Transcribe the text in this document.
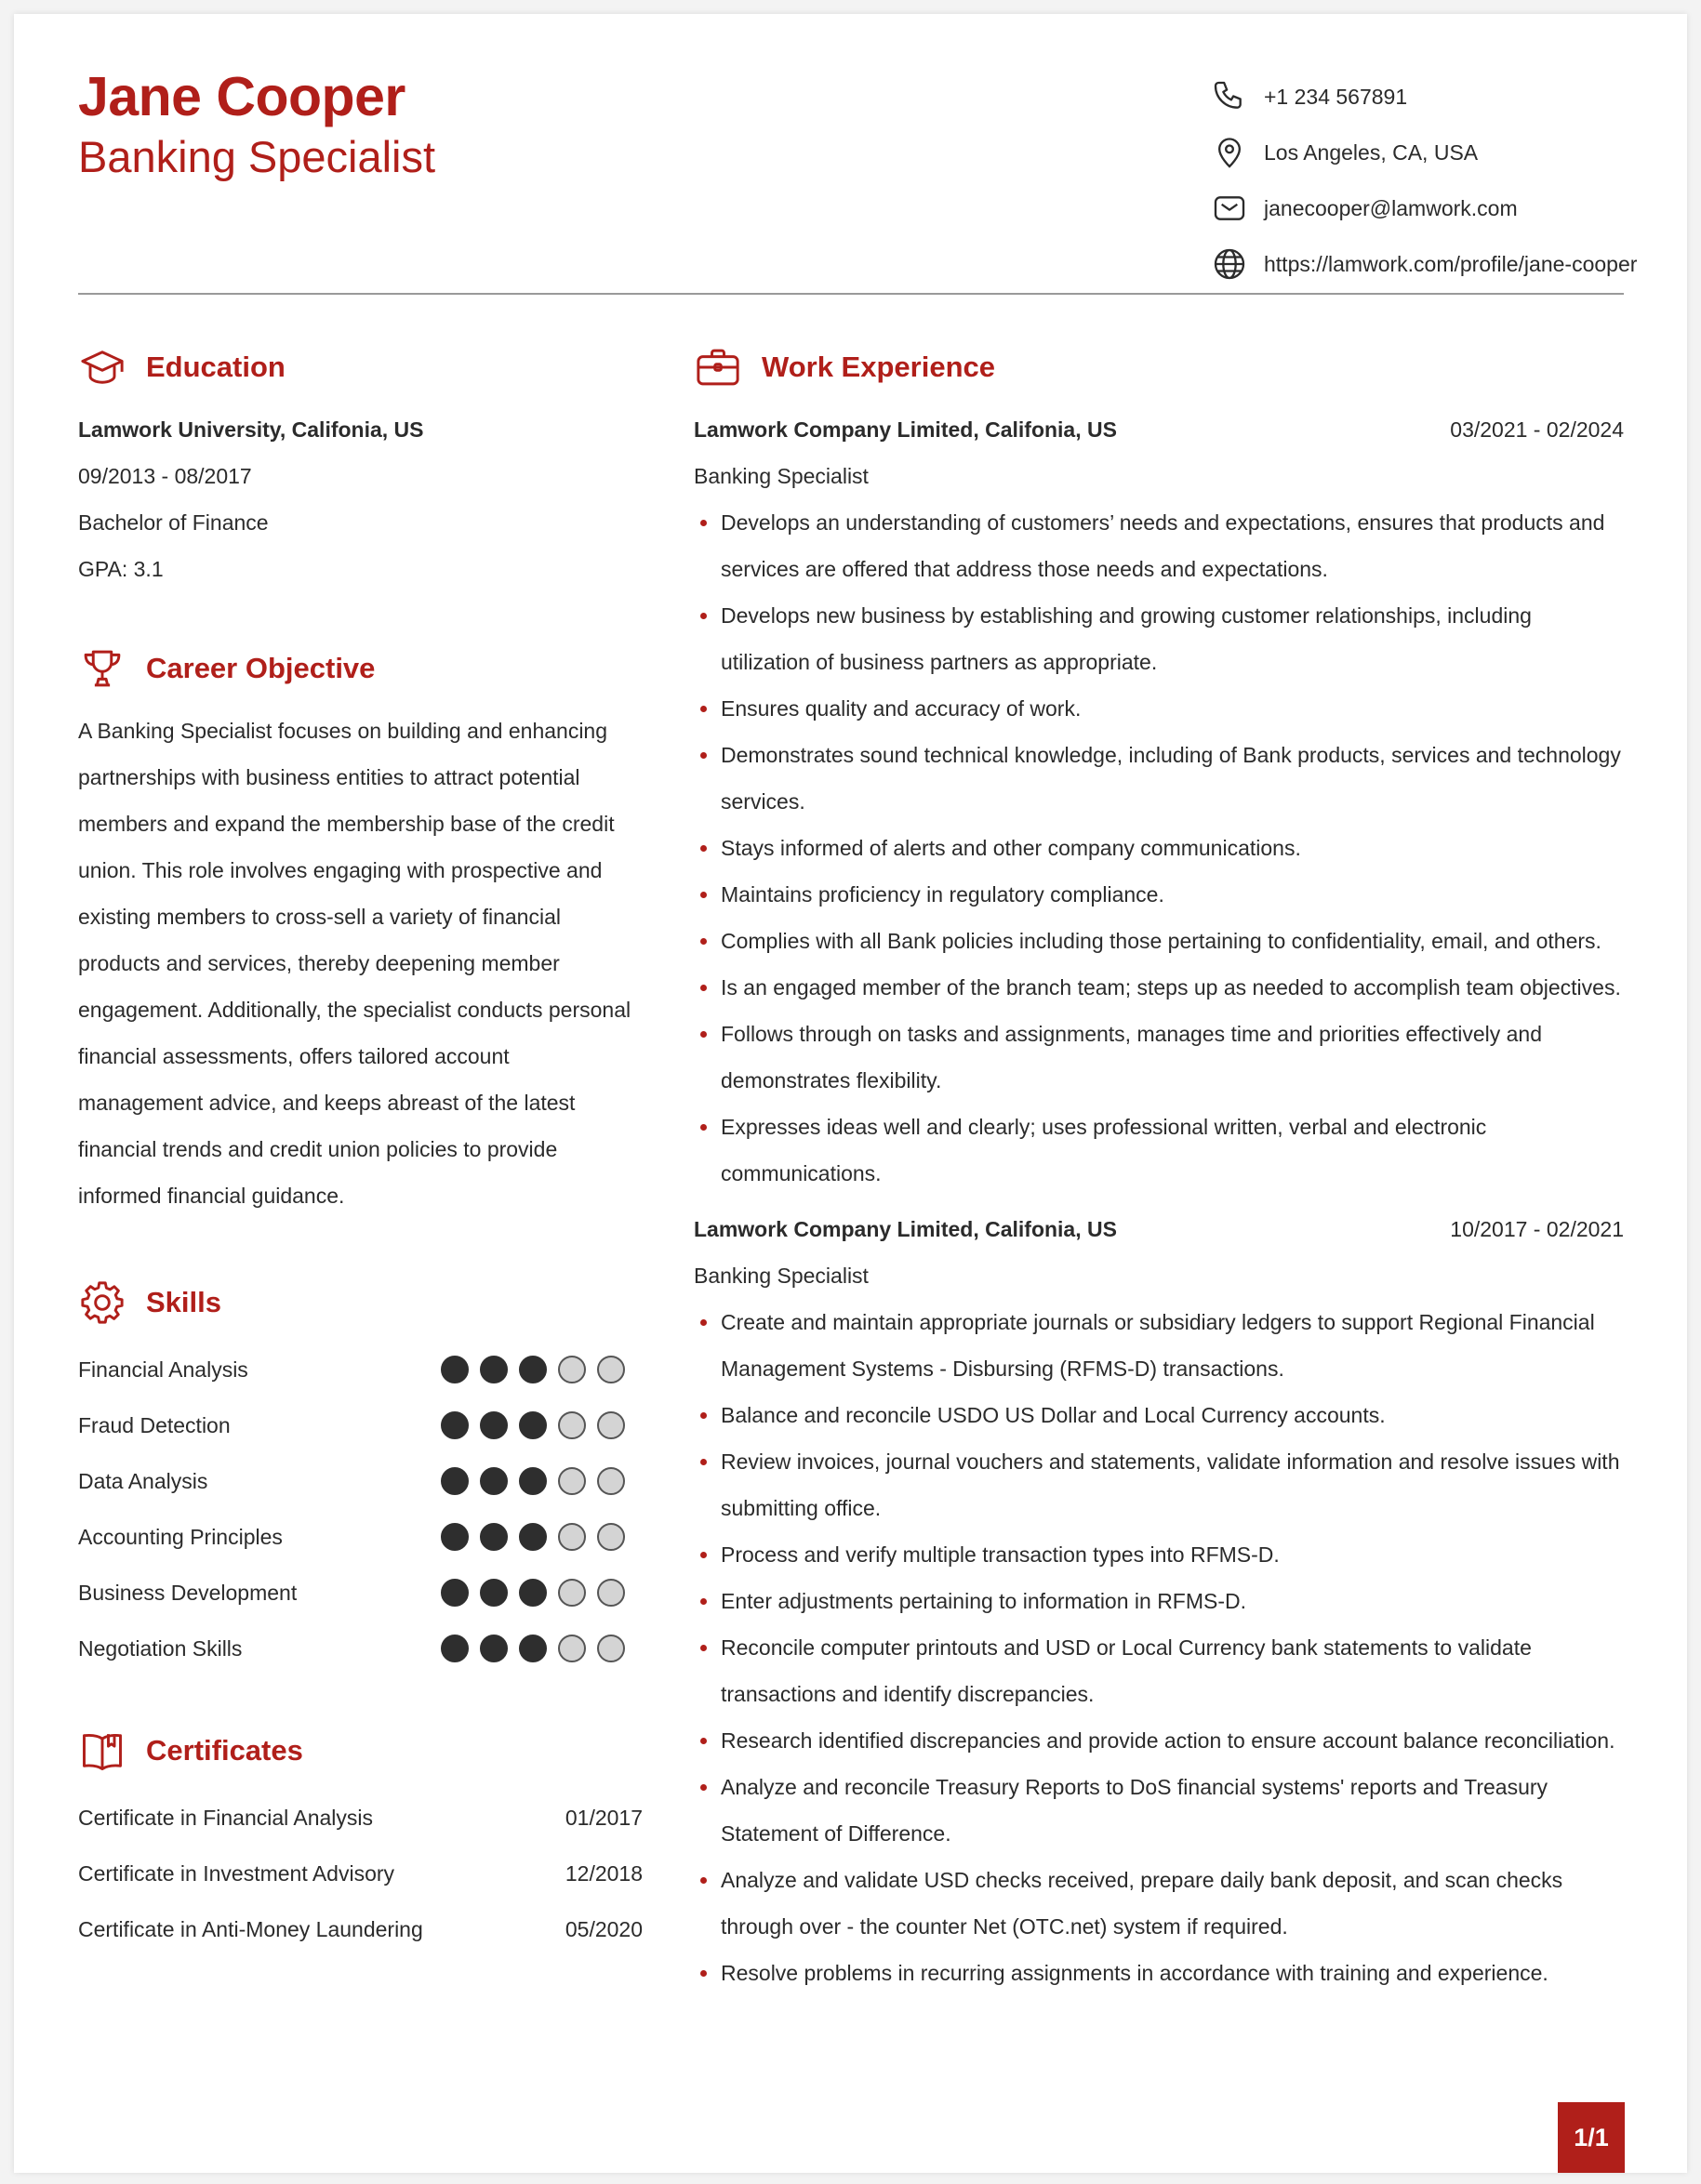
Jane Cooper
Banking Specialist
+1 234 567891
Los Angeles, CA, USA
janecooper@lamwork.com
https://lamwork.com/profile/jane-cooper
Education
Lamwork University, Califonia, US
09/2013 - 08/2017
Bachelor of Finance
GPA: 3.1
Career Objective

A Banking Specialist focuses on building and enhancing partnerships with business entities to attract potential members and expand the membership base of the credit union. This role involves engaging with prospective and existing members to cross-sell a variety of financial products and services, thereby deepening member engagement. Additionally, the specialist conducts personal financial assessments, offers tailored account management advice, and keeps abreast of the latest financial trends and credit union policies to provide informed financial guidance.

Skills
Financial Analysis
Fraud Detection
Data Analysis
Accounting Principles
Business Development
Negotiation Skills
Certificates
Certificate in Financial Analysis	01/2017
Certificate in Investment Advisory	12/2018
Certificate in Anti-Money Laundering	05/2020
Work Experience
Lamwork Company Limited, Califonia, US	03/2021 - 02/2024
Banking Specialist
Develops an understanding of customers’ needs and expectations, ensures that products and services are offered that address those needs and expectations.
Develops new business by establishing and growing customer relationships, including utilization of business partners as appropriate.
Ensures quality and accuracy of work.
Demonstrates sound technical knowledge, including of Bank products, services and technology services.
Stays informed of alerts and other company communications.
Maintains proficiency in regulatory compliance.
Complies with all Bank policies including those pertaining to confidentiality, email, and others.
Is an engaged member of the branch team; steps up as needed to accomplish team objectives.
Follows through on tasks and assignments, manages time and priorities effectively and demonstrates flexibility.
Expresses ideas well and clearly; uses professional written, verbal and electronic communications.
Lamwork Company Limited, Califonia, US	10/2017 - 02/2021
Banking Specialist
Create and maintain appropriate journals or subsidiary ledgers to support Regional Financial Management Systems - Disbursing (RFMS-D) transactions.
Balance and reconcile USDO US Dollar and Local Currency accounts.
Review invoices, journal vouchers and statements, validate information and resolve issues with submitting office.
Process and verify multiple transaction types into RFMS-D.
Enter adjustments pertaining to information in RFMS-D.
Reconcile computer printouts and USD or Local Currency bank statements to validate transactions and identify discrepancies.
Research identified discrepancies and provide action to ensure account balance reconciliation.
Analyze and reconcile Treasury Reports to DoS financial systems' reports and Treasury Statement of Difference.
Analyze and validate USD checks received, prepare daily bank deposit, and scan checks through over - the counter Net (OTC.net) system if required.
Resolve problems in recurring assignments in accordance with training and experience.
1/1
